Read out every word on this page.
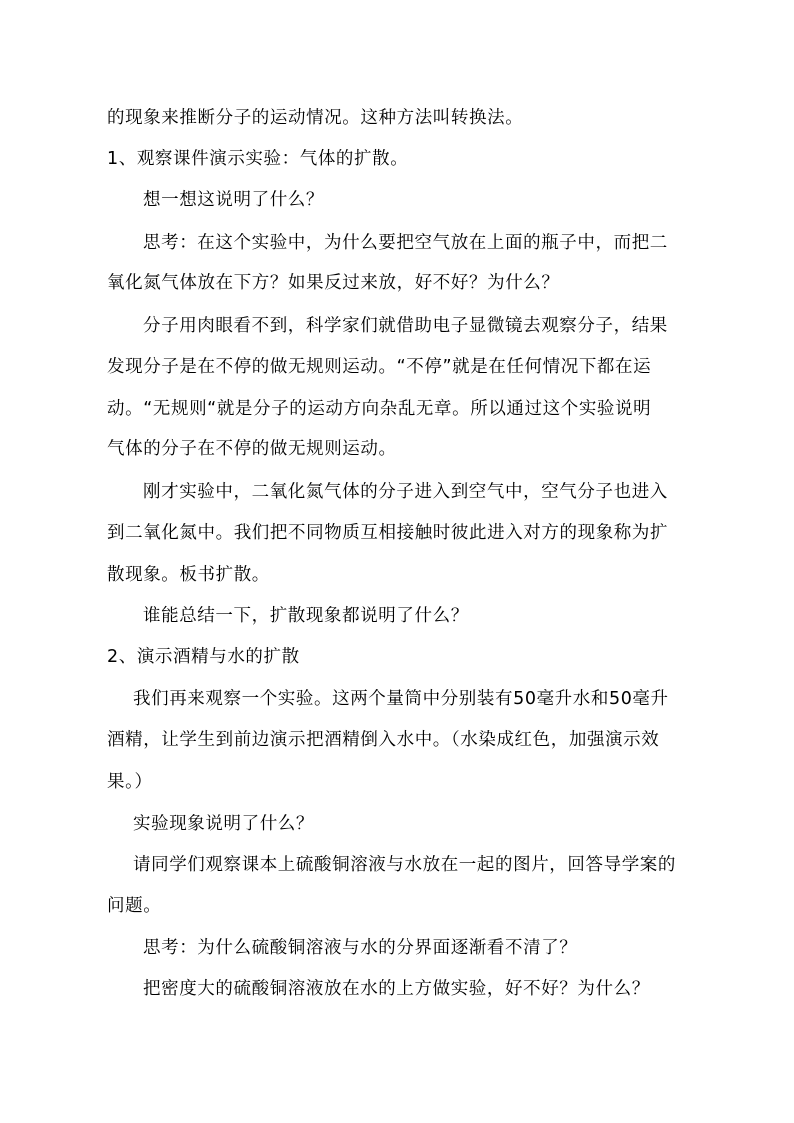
的现象来推断分子的运动情况。这种方法叫转换法。
1、观察课件演示实验：气体的扩散。
想一想这说明了什么？
思考：在这个实验中，为什么要把空气放在上面的瓶子中，而把二
氧化氮气体放在下方？如果反过来放，好不好？为什么？
分子用肉眼看不到，科学家们就借助电子显微镜去观察分子，结果
发现分子是在不停的做无规则运动。“不停”就是在任何情况下都在运
动。“无规则“就是分子的运动方向杂乱无章。所以通过这个实验说明
气体的分子在不停的做无规则运动。
刚才实验中，二氧化氮气体的分子进入到空气中，空气分子也进入
到二氧化氮中。我们把不同物质互相接触时彼此进入对方的现象称为扩
散现象。板书扩散。
谁能总结一下，扩散现象都说明了什么？
2、演示酒精与水的扩散
我们再来观察一个实验。这两个量筒中分别装有50毫升水和50毫升
酒精，让学生到前边演示把酒精倒入水中。（水染成红色，加强演示效
果。）
实验现象说明了什么？
请同学们观察课本上硫酸铜溶液与水放在一起的图片，回答导学案的
问题。
思考：为什么硫酸铜溶液与水的分界面逐渐看不清了？
把密度大的硫酸铜溶液放在水的上方做实验，好不好？为什么？
